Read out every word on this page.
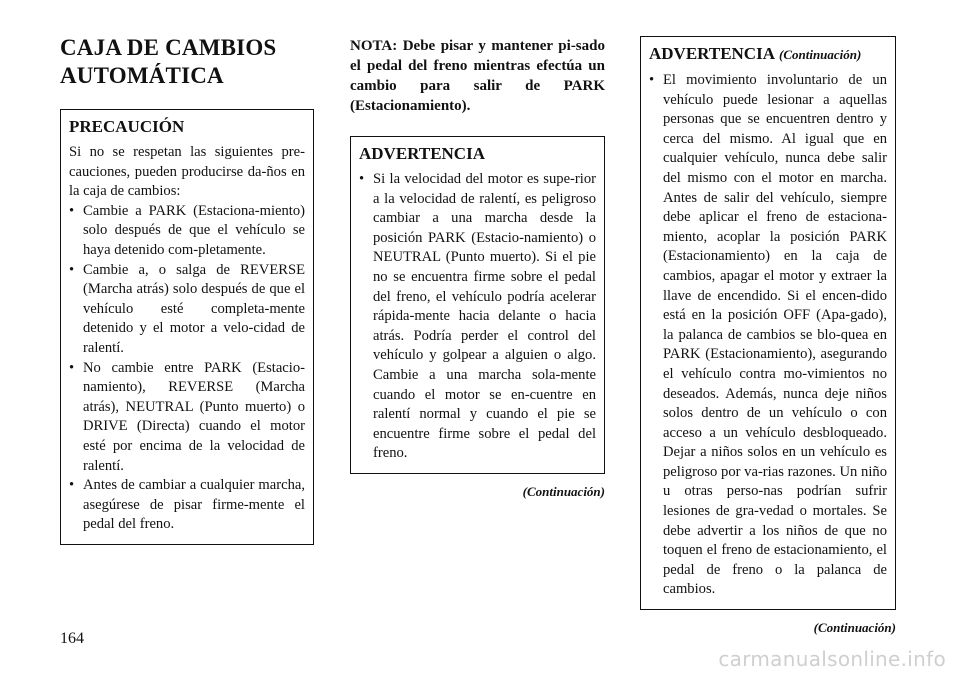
CAJA DE CAMBIOS
AUTOMÁTICA
PRECAUCIÓN

Si no se respetan las siguientes pre-cauciones, pueden producirse da-ños en la caja de cambios:

• Cambie a PARK (Estaciona-miento) solo después de que el vehículo se haya detenido com-pletamente.
• Cambie a, o salga de REVERSE (Marcha atrás) solo después de que el vehículo esté completa-mente detenido y el motor a velo-cidad de ralentí.
• No cambie entre PARK (Estacio-namiento), REVERSE (Marcha atrás), NEUTRAL (Punto muerto) o DRIVE (Directa) cuando el motor esté por encima de la velocidad de ralentí.
• Antes de cambiar a cualquier marcha, asegúrese de pisar firme-mente el pedal del freno.

NOTA: Debe pisar y mantener pi-sado el pedal del freno mientras efectúa un cambio para salir de PARK (Estacionamiento).

ADVERTENCIA
• Si la velocidad del motor es supe-rior a la velocidad de ralentí, es peligroso cambiar a una marcha desde la posición PARK (Estacio-namiento) o NEUTRAL (Punto muerto). Si el pie no se encuentra firme sobre el pedal del freno, el vehículo podría acelerar rápida-mente hacia delante o hacia atrás. Podría perder el control del vehículo y golpear a alguien o algo. Cambie a una marcha sola-mente cuando el motor se en-cuentre en ralentí normal y cuando el pie se encuentre firme sobre el pedal del freno.
(Continuación)
ADVERTENCIA (Continuación)
• El movimiento involuntario de un vehículo puede lesionar a aquellas personas que se encuentren dentro y cerca del mismo. Al igual que en cualquier vehículo, nunca debe salir del mismo con el motor en marcha. Antes de salir del vehículo, siempre debe aplicar el freno de estaciona-miento, acoplar la posición PARK (Estacionamiento) en la caja de cambios, apagar el motor y extraer la llave de encendido. Si el encen-dido está en la posición OFF (Apa-gado), la palanca de cambios se blo-quea en PARK (Estacionamiento), asegurando el vehículo contra mo-vimientos no deseados. Además, nunca deje niños solos dentro de un vehículo o con acceso a un vehículo desbloqueado. Dejar a niños solos en un vehículo es peligroso por va-rias razones. Un niño u otras perso-nas podrían sufrir lesiones de gra-vedad o mortales. Se debe advertir a los niños de que no toquen el freno de estacionamiento, el pedal de freno o la palanca de cambios.
(Continuación)
164
carmanualsonline.info
